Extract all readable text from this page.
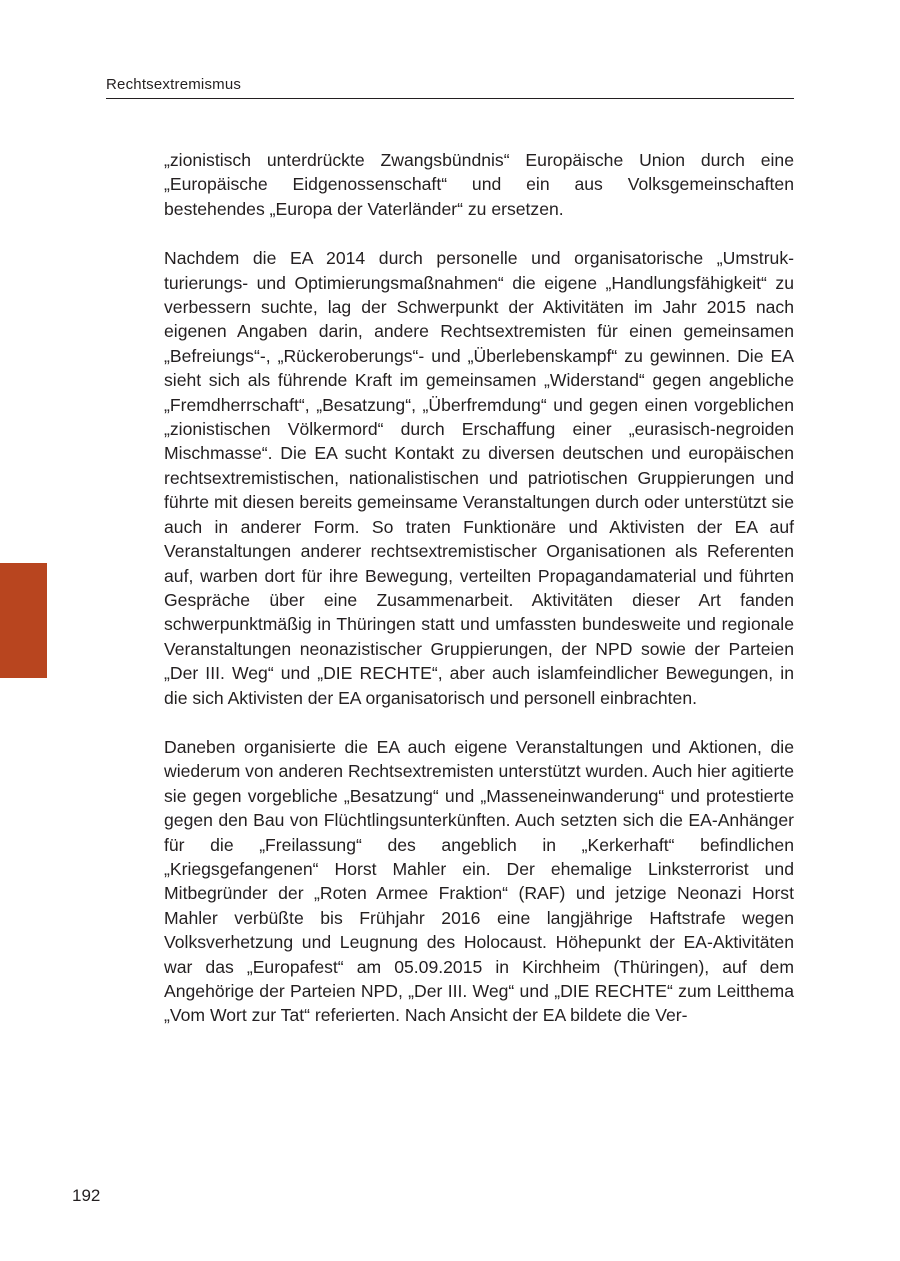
Rechtsextremismus

„zionistisch unterdrückte Zwangsbündnis“ Europäische Union durch eine „Europäische Eidgenossenschaft“ und ein aus Volksgemeinschaften bestehendes „Europa der Vaterländer“ zu ersetzen.

Nachdem die EA 2014 durch personelle und organisatorische „Umstrukturierungs- und Optimierungsmaßnahmen“ die eigene „Handlungsfähigkeit“ zu verbessern suchte, lag der Schwerpunkt der Aktivitäten im Jahr 2015 nach eigenen Angaben darin, andere Rechtsextremisten für einen gemeinsamen „Befreiungs“-, „Rückeroberungs“- und „Überlebenskampf“ zu gewinnen. Die EA sieht sich als führende Kraft im gemeinsamen „Widerstand“ gegen angebliche „Fremdherrschaft“, „Besatzung“, „Überfremdung“ und gegen einen vorgeblichen „zionistischen Völkermord“ durch Erschaffung einer „eurasisch-negroiden Mischmasse“. Die EA sucht Kontakt zu diversen deutschen und europäischen rechtsextremistischen, nationalistischen und patriotischen Gruppierungen und führte mit diesen bereits gemeinsame Veranstaltungen durch oder unterstützt sie auch in anderer Form. So traten Funktionäre und Aktivisten der EA auf Veranstaltungen anderer rechtsextremistischer Organisationen als Referenten auf, warben dort für ihre Bewegung, verteilten Propagandamaterial und führten Gespräche über eine Zusammenarbeit. Aktivitäten dieser Art fanden schwerpunktmäßig in Thüringen statt und umfassten bundesweite und regionale Veranstaltungen neonazistischer Gruppierungen, der NPD sowie der Parteien „Der III. Weg“ und „DIE RECHTE“, aber auch islamfeindlicher Bewegungen, in die sich Aktivisten der EA organisatorisch und personell einbrachten.

Daneben organisierte die EA auch eigene Veranstaltungen und Aktionen, die wiederum von anderen Rechtsextremisten unterstützt wurden. Auch hier agitierte sie gegen vorgebliche „Besatzung“ und „Masseneinwanderung“ und protestierte gegen den Bau von Flüchtlingsunterkünften. Auch setzten sich die EA-Anhänger für die „Freilassung“ des angeblich in „Kerkerhaft“ befindlichen „Kriegsgefangenen“ Horst Mahler ein. Der ehemalige Linksterrorist und Mitbegründer der „Roten Armee Fraktion“ (RAF) und jetzige Neonazi Horst Mahler verbüßte bis Frühjahr 2016 eine langjährige Haftstrafe wegen Volksverhetzung und Leugnung des Holocaust. Höhepunkt der EA-Aktivitäten war das „Europafest“ am 05.09.2015 in Kirchheim (Thüringen), auf dem Angehörige der Parteien NPD, „Der III. Weg“ und „DIE RECHTE“ zum Leitthema „Vom Wort zur Tat“ referierten. Nach Ansicht der EA bildete die Ver-

192
